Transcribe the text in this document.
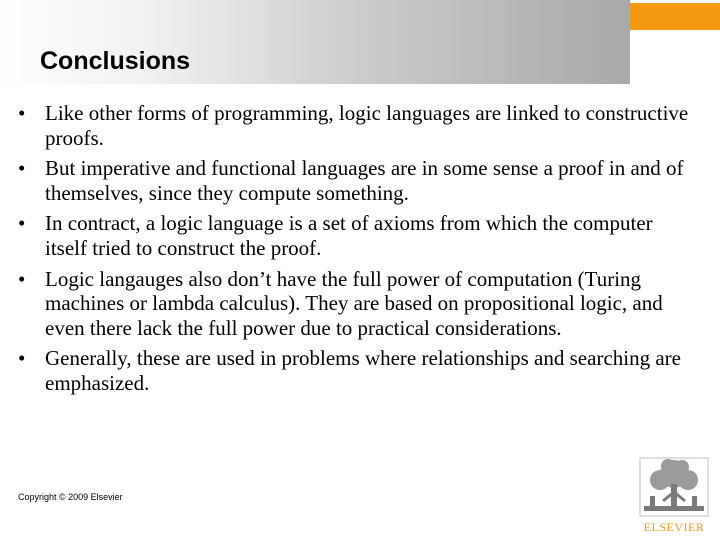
Conclusions
• Like other forms of programming, logic languages are linked to constructive proofs.
• But imperative and functional languages are in some sense a proof in and of themselves, since they compute something.
• In contract, a logic language is a set of axioms from which the computer itself tried to construct the proof.
• Logic langauges also don’t have the full power of computation (Turing machines or lambda calculus). They are based on propositional logic, and even there lack the full power due to practical considerations.
• Generally, these are used in problems where relationships and searching are emphasized.
Copyright © 2009 Elsevier
ELSEVIER
